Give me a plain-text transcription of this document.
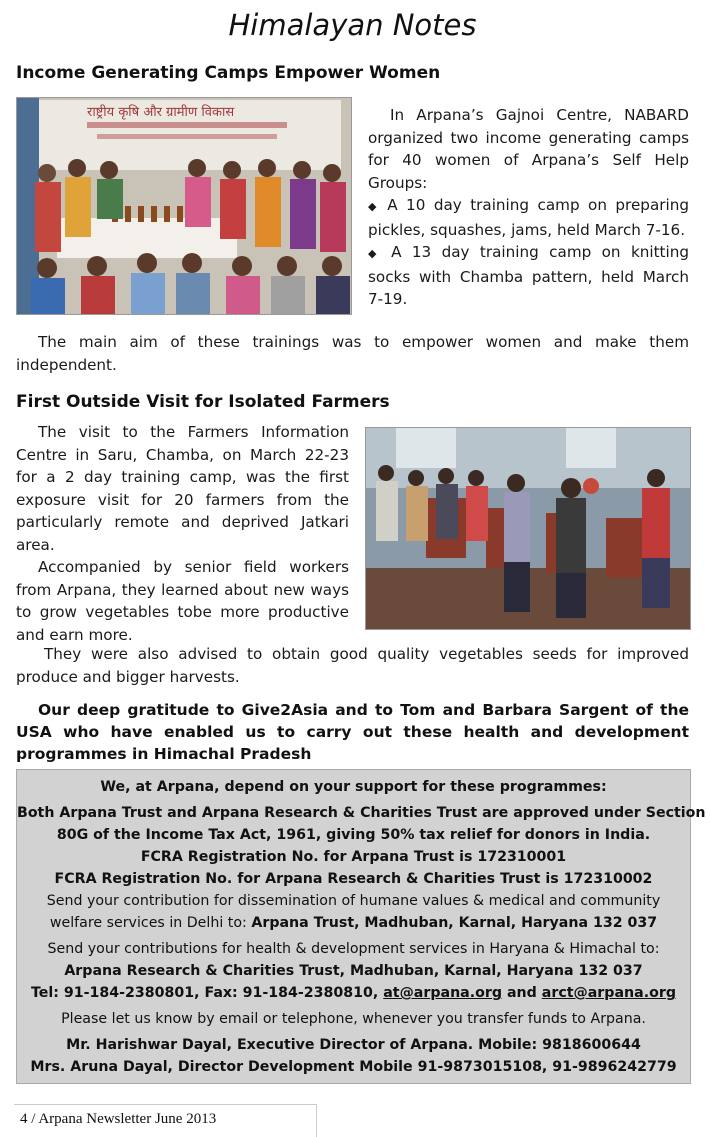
Himalayan Notes
Income Generating Camps Empower Women
राष्ट्रीय कृषि और ग्रामीण विकास	In Arpana’s Gajnoi Centre, NABARD organized two income generating camps for 40 women of Arpana’s Self Help Groups:
◆ A 10 day training camp on preparing pickles, squashes, jams, held March 7-16.
◆ A 13 day training camp on knitting socks with Chamba pattern, held March 7-19.
The main aim of these trainings was to empower women and make them independent.
First Outside Visit for Isolated Farmers
The visit to the Farmers Information Centre in Saru, Chamba, on March 22-23 for a 2 day training camp, was the first exposure visit for 20 farmers from the particularly remote and deprived Jatkari area.
Accompanied by senior field workers from Arpana, they learned about new ways to grow vegetables tobe more productive and earn more.
They were also advised to obtain good quality vegetables seeds for improved produce and bigger harvests.
Our deep gratitude to Give2Asia and to Tom and Barbara Sargent of the USA who have enabled us to carry out these health and development programmes in Himachal Pradesh
We, at Arpana, depend on your support for these programmes:
Both Arpana Trust and Arpana Research & Charities Trust are approved under Section
80G of the Income Tax Act, 1961, giving 50% tax relief for donors in India.
FCRA Registration No. for Arpana Trust is 172310001
FCRA Registration No. for Arpana Research & Charities Trust is 172310002
Send your contribution for dissemination of humane values & medical and community
welfare services in Delhi to: Arpana Trust, Madhuban, Karnal, Haryana 132 037
Send your contributions for health & development services in Haryana & Himachal to:
Arpana Research & Charities Trust, Madhuban, Karnal, Haryana 132 037
Tel: 91-184-2380801, Fax: 91-184-2380810, at@arpana.org and arct@arpana.org
Please let us know by email or telephone, whenever you transfer funds to Arpana.
Mr. Harishwar Dayal, Executive Director of Arpana. Mobile: 9818600644
Mrs. Aruna Dayal, Director Development Mobile 91-9873015108, 91-9896242779
4 / Arpana Newsletter June 2013
